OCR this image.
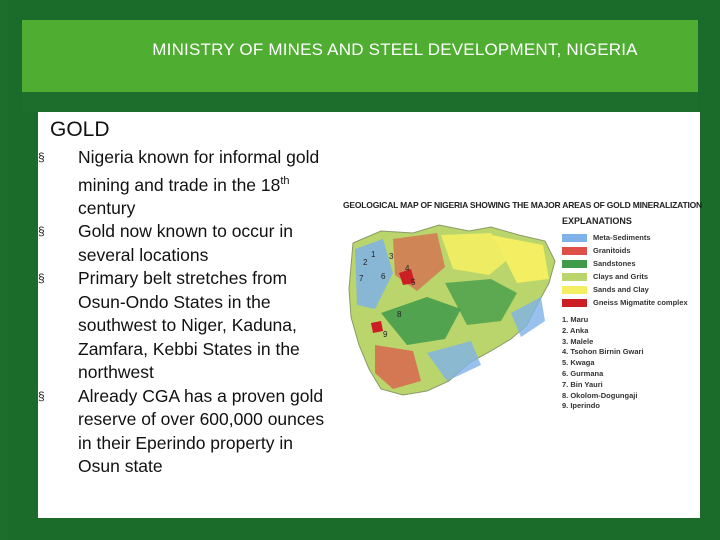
MINISTRY OF MINES AND STEEL DEVELOPMENT, NIGERIA
GOLD
§	Nigeria known for informal gold mining and trade in the 18th century
§	Gold now known to occur in several locations
§	Primary belt stretches from Osun-Ondo States in the southwest to Niger, Kaduna, Zamfara, Kebbi States in the northwest
§	Already CGA has a proven gold reserve of over 600,000 ounces in their Eperindo property in Osun state
GEOLOGICAL MAP OF NIGERIA SHOWING THE MAJOR AREAS OF GOLD MINERALIZATION
1
2
3
4
5
6
7
8
9
EXPLANATIONS
Meta-Sediments
Granitoids
Sandstones
Clays and Grits
Sands and Clay
Gneiss Migmatite complex
1. Maru
2. Anka
3. Malele
4. Tsohon Birnin Gwari
5. Kwaga
6. Gurmana
7. Bin Yauri
8. Okolom-Dogungaji
9. Iperindo
